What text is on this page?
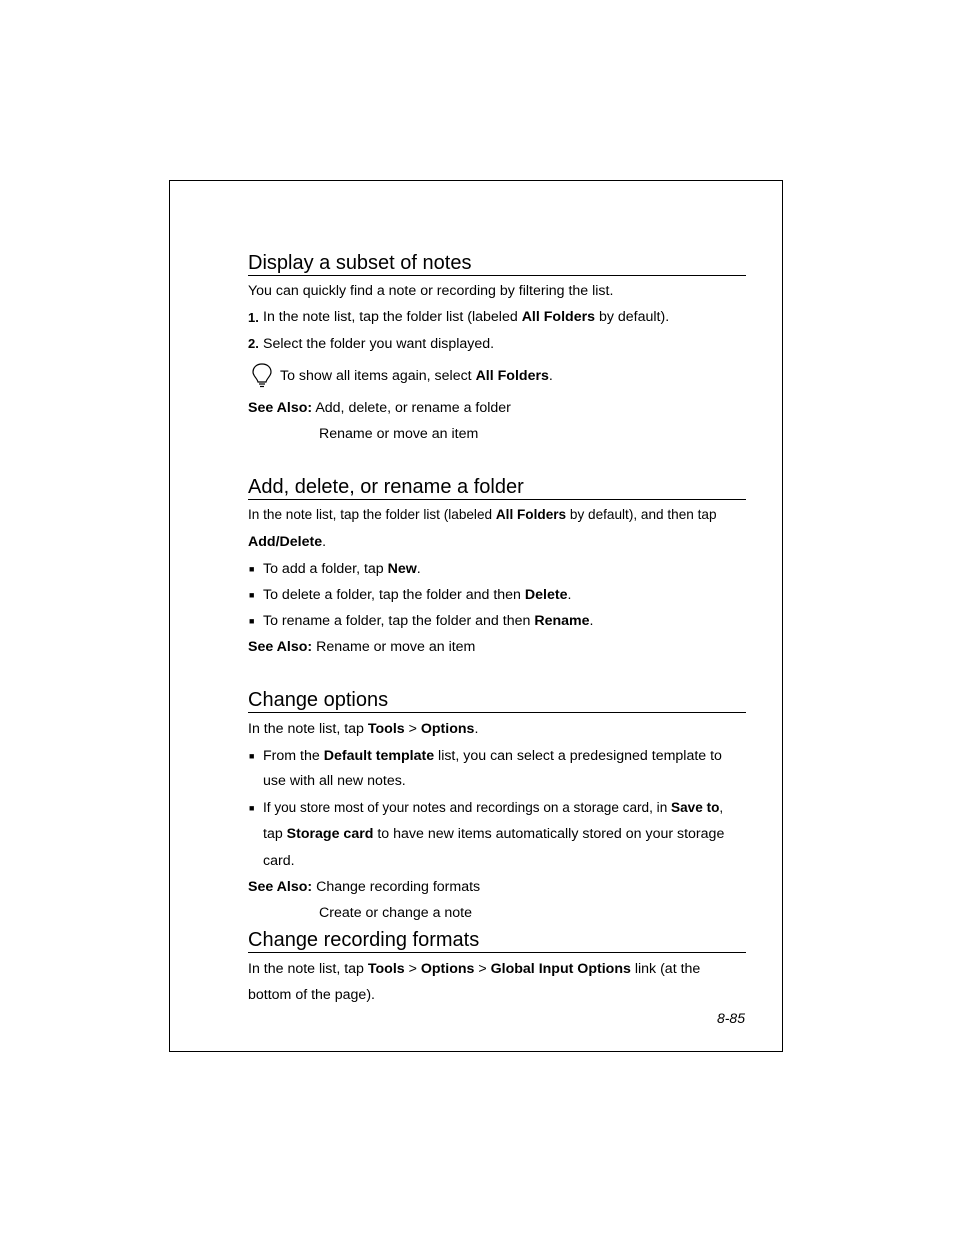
Display a subset of notes
You can quickly find a note or recording by filtering the list.
1. In the note list, tap the folder list (labeled All Folders by default).
2. Select the folder you want displayed.
To show all items again, select All Folders.
See Also: Add, delete, or rename a folder
Rename or move an item
Add, delete, or rename a folder
In the note list, tap the folder list (labeled All Folders by default), and then tap
Add/Delete.
■ To add a folder, tap New.
■ To delete a folder, tap the folder and then Delete.
■ To rename a folder, tap the folder and then Rename.
See Also: Rename or move an item
Change options
In the note list, tap Tools > Options.
■ From the Default template list, you can select a predesigned template to
use with all new notes.
■ If you store most of your notes and recordings on a storage card, in Save to,
tap Storage card to have new items automatically stored on your storage
card.
See Also: Change recording formats
Create or change a note
Change recording formats
In the note list, tap Tools > Options > Global Input Options link (at the
bottom of the page).
8-85
